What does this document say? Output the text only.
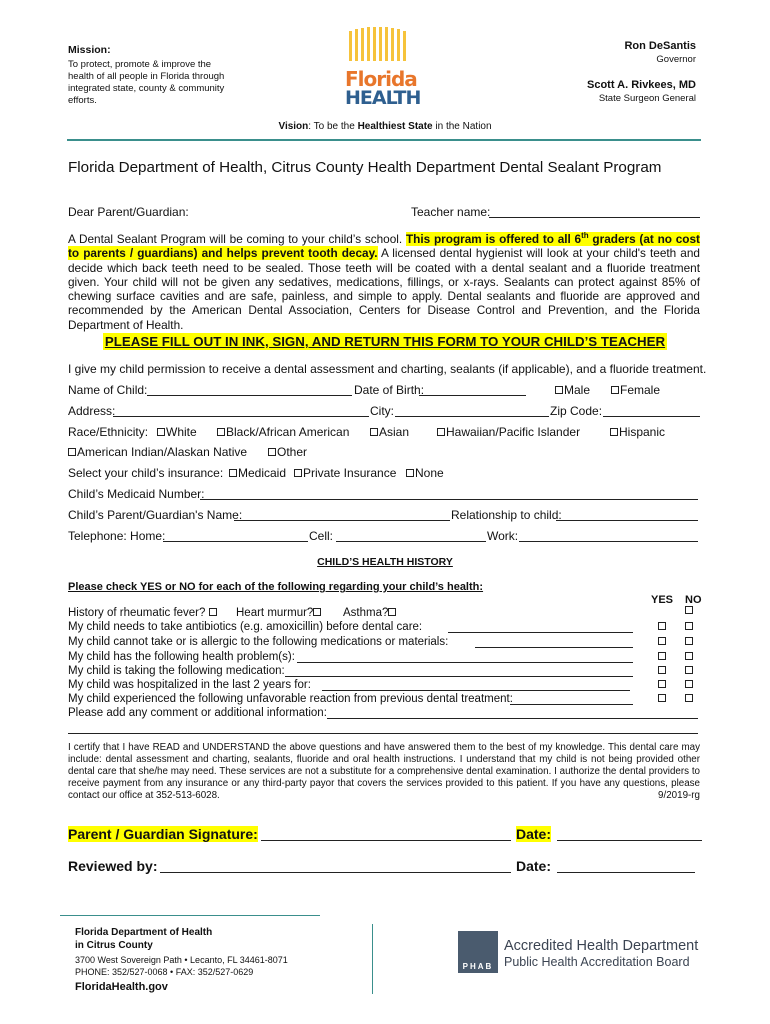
Mission:
To protect, promote & improve the health of all people in Florida through integrated state, county & community efforts.
Florida
HEALTH
Ron DeSantis
Governor
Scott A. Rivkees, MD
State Surgeon General
Vision: To be the Healthiest State in the Nation
Florida Department of Health, Citrus County Health Department Dental Sealant Program
Dear Parent/Guardian:	Teacher name:
A Dental Sealant Program will be coming to your child’s school. This program is offered to all 6th graders (at no cost to parents / guardians) and helps prevent tooth decay. A licensed dental hygienist will look at your child's teeth and decide which back teeth need to be sealed. Those teeth will be coated with a dental sealant and a fluoride treatment given. Your child will not be given any sedatives, medications, fillings, or x-rays. Sealants can protect against 85% of chewing surface cavities and are safe, painless, and simple to apply. Dental sealants and fluoride are approved and recommended by the American Dental Association, Centers for Disease Control and Prevention, and the Florida Department of Health.
PLEASE FILL OUT IN INK, SIGN, AND RETURN THIS FORM TO YOUR CHILD’S TEACHER
I give my child permission to receive a dental assessment and charting, sealants (if applicable), and a fluoride treatment.
Name of Child:	Date of Birth:	Male	Female
Address:	City:	Zip Code:
Race/Ethnicity:	White	Black/African American	Asian	Hawaiian/Pacific Islander	Hispanic
American Indian/Alaskan Native	Other
Select your child’s insurance:	Medicaid	Private Insurance	None
Child’s Medicaid Number:
Child’s Parent/Guardian's Name:	Relationship to child:
Telephone: Home:	Cell:	Work:
CHILD’S HEALTH HISTORY
Please check YES or NO for each of the following regarding your child’s health:
YES NO
History of rheumatic fever?	Heart murmur?	Asthma?
My child needs to take antibiotics (e.g. amoxicillin) before dental care:
My child cannot take or is allergic to the following medications or materials:
My child has the following health problem(s):
My child is taking the following medication:
My child was hospitalized in the last 2 years for:
My child experienced the following unfavorable reaction from previous dental treatment:
Please add any comment or additional information:
I certify that I have READ and UNDERSTAND the above questions and have answered them to the best of my knowledge. This dental care may include: dental assessment and charting, sealants, fluoride and oral health instructions. I understand that my child is not being provided other dental care that she/he may need. These services are not a substitute for a comprehensive dental examination. I authorize the dental providers to receive payment from any insurance or any third-party payor that covers the services provided to this patient. If you have any questions, please contact our office at 352-513-6028.	9/2019-rg
Parent / Guardian Signature:	Date:
Reviewed by:	Date:
Florida Department of Health
in Citrus County
3700 West Sovereign Path • Lecanto, FL 34461-8071
PHONE: 352/527-0068 • FAX: 352/527-0629
FloridaHealth.gov
PHAB
Accredited Health Department
Public Health Accreditation Board
